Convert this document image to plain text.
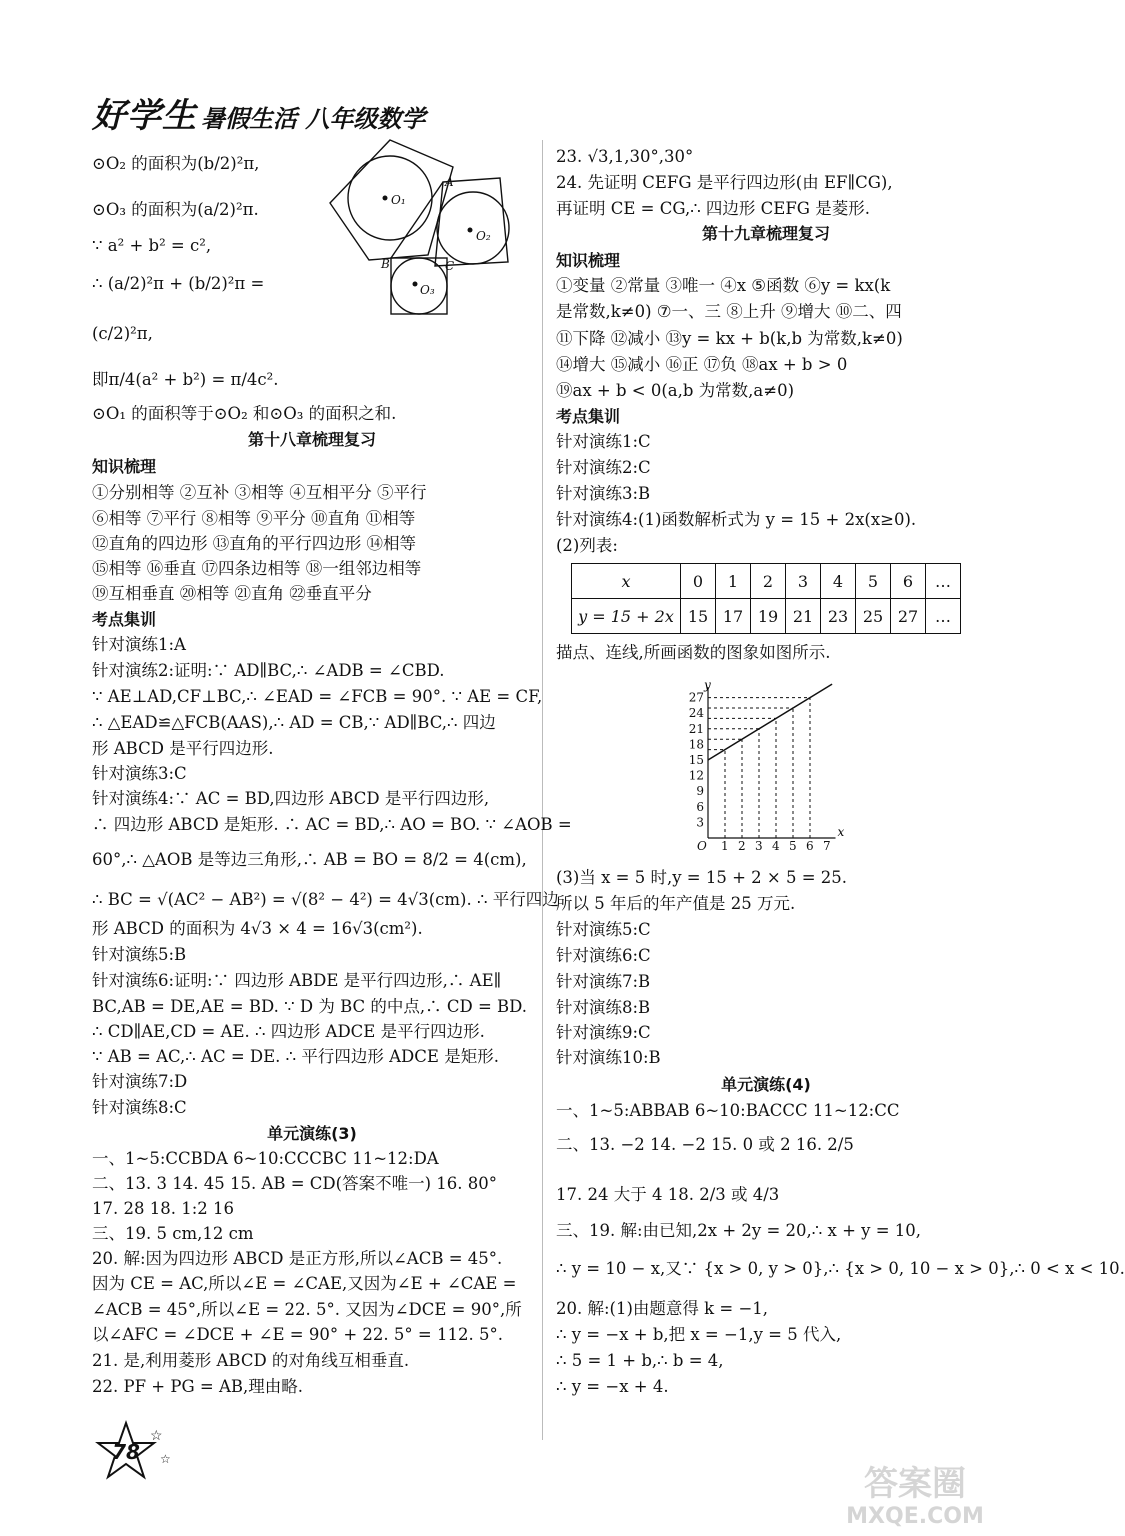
好学生 暑假生活 八年级数学
⊙O₂ 的面积为(b/2)²π,
⊙O₃ 的面积为(a/2)²π.
∵ a² + b² = c²,
∴ (a/2)²π + (b/2)²π =
(c/2)²π,
即π/4(a² + b²) = π/4c².
⊙O₁ 的面积等于⊙O₂ 和⊙O₃ 的面积之和.
A
B	C
O₁
O₂
O₃
第十八章梳理复习
知识梳理
①分别相等 ②互补 ③相等 ④互相平分 ⑤平行
⑥相等 ⑦平行 ⑧相等 ⑨平分 ⑩直角 ⑪相等
⑫直角的四边形 ⑬直角的平行四边形 ⑭相等
⑮相等 ⑯垂直 ⑰四条边相等 ⑱一组邻边相等
⑲互相垂直 ⑳相等 ㉑直角 ㉒垂直平分
考点集训
针对演练1:A
针对演练2:证明:∵ AD∥BC,∴ ∠ADB = ∠CBD.
∵ AE⊥AD,CF⊥BC,∴ ∠EAD = ∠FCB = 90°. ∵ AE = CF,
∴ △EAD≌△FCB(AAS),∴ AD = CB,∵ AD∥BC,∴ 四边
形 ABCD 是平行四边形.
针对演练3:C
针对演练4:∵ AC = BD,四边形 ABCD 是平行四边形,
∴ 四边形 ABCD 是矩形. ∴ AC = BD,∴ AO = BO. ∵ ∠AOB =
60°,∴ △AOB 是等边三角形,∴ AB = BO = 8/2 = 4(cm),
∴ BC = √(AC² − AB²) = √(8² − 4²) = 4√3(cm). ∴ 平行四边
形 ABCD 的面积为 4√3 × 4 = 16√3(cm²).
针对演练5:B
针对演练6:证明:∵ 四边形 ABDE 是平行四边形,∴ AE∥
BC,AB = DE,AE = BD. ∵ D 为 BC 的中点,∴ CD = BD.
∴ CD∥AE,CD = AE. ∴ 四边形 ADCE 是平行四边形.
∵ AB = AC,∴ AC = DE. ∴ 平行四边形 ADCE 是矩形.
针对演练7:D
针对演练8:C
单元演练(3)
一、1~5:CCBDA 6~10:CCCBC 11~12:DA
二、13. 3 14. 45 15. AB = CD(答案不唯一) 16. 80°
17. 28 18. 1:2 16
三、19. 5 cm,12 cm
20. 解:因为四边形 ABCD 是正方形,所以∠ACB = 45°.
因为 CE = AC,所以∠E = ∠CAE,又因为∠E + ∠CAE =
∠ACB = 45°,所以∠E = 22. 5°. 又因为∠DCE = 90°,所
以∠AFC = ∠DCE + ∠E = 90° + 22. 5° = 112. 5°.
21. 是,利用菱形 ABCD 的对角线互相垂直.
22. PF + PG = AB,理由略.
23. √3,1,30°,30°
24. 先证明 CEFG 是平行四边形(由 EF∥CG),
再证明 CE = CG,∴ 四边形 CEFG 是菱形.
第十九章梳理复习
知识梳理
①变量 ②常量 ③唯一 ④x ⑤函数 ⑥y = kx(k
是常数,k≠0) ⑦一、三 ⑧上升 ⑨增大 ⑩二、四
⑪下降 ⑫减小 ⑬y = kx + b(k,b 为常数,k≠0)
⑭增大 ⑮减小 ⑯正 ⑰负 ⑱ax + b > 0
⑲ax + b < 0(a,b 为常数,a≠0)
考点集训
针对演练1:C
针对演练2:C
针对演练3:B
针对演练4:(1)函数解析式为 y = 15 + 2x(x≥0).
(2)列表:
x	0	1	2	3	4	5	6	…
y = 15 + 2x	15	17	19	21	23	25	27	…
描点、连线,所画函数的图象如图所示.
O 1 2 3 4 5 6 7
3
6
9
12
15
18
21
24
27
x
y
(3)当 x = 5 时,y = 15 + 2 × 5 = 25.
所以 5 年后的年产值是 25 万元.
针对演练5:C
针对演练6:C
针对演练7:B
针对演练8:B
针对演练9:C
针对演练10:B
单元演练(4)
一、1~5:ABBAB 6~10:BACCC 11~12:CC
二、13. −2 14. −2 15. 0 或 2 16. 2/5
17. 24 大于 4 18. 2/3 或 4/3
三、19. 解:由已知,2x + 2y = 20,∴ x + y = 10,
∴ y = 10 − x,又∵ {x > 0, y > 0},∴ {x > 0, 10 − x > 0},∴ 0 < x < 10.
20. 解:(1)由题意得 k = −1,
∴ y = −x + b,把 x = −1,y = 5 代入,
∴ 5 = 1 + b,∴ b = 4,
∴ y = −x + 4.
78
☆
☆
答案圈
MXQE.COM
